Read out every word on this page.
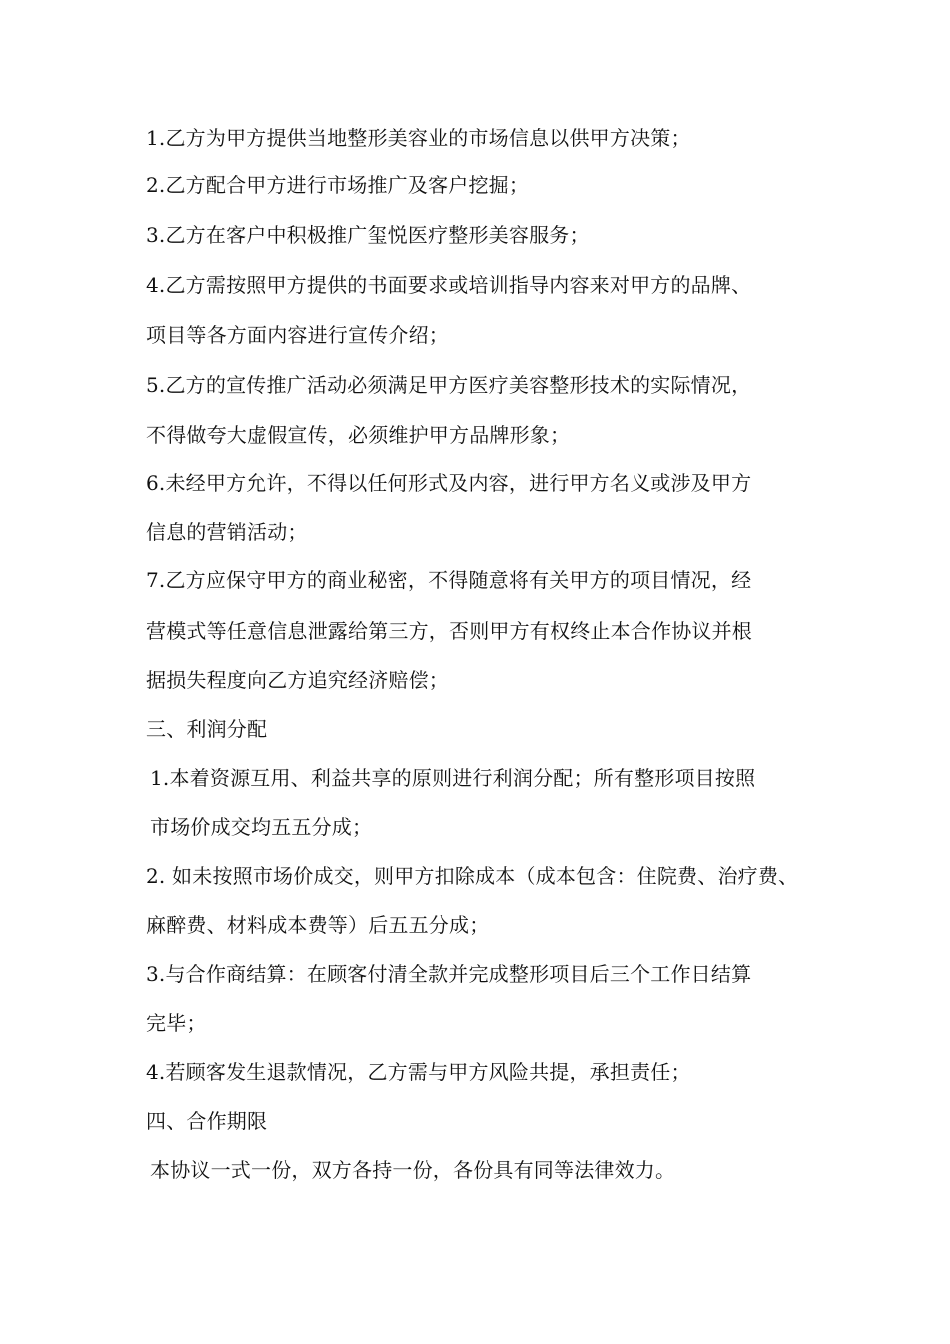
1.乙方为甲方提供当地整形美容业的市场信息以供甲方决策；
2.乙方配合甲方进行市场推广及客户挖掘；
3.乙方在客户中积极推广玺悦医疗整形美容服务；
4.乙方需按照甲方提供的书面要求或培训指导内容来对甲方的品牌、
项目等各方面内容进行宣传介绍；
5.乙方的宣传推广活动必须满足甲方医疗美容整形技术的实际情况，
不得做夸大虚假宣传，必须维护甲方品牌形象；
6.未经甲方允许，不得以任何形式及内容，进行甲方名义或涉及甲方
信息的营销活动；
7.乙方应保守甲方的商业秘密，不得随意将有关甲方的项目情况，经
营模式等任意信息泄露给第三方，否则甲方有权终止本合作协议并根
据损失程度向乙方追究经济赔偿；
三、利润分配
1.本着资源互用、利益共享的原则进行利润分配；所有整形项目按照
市场价成交均五五分成；
2. 如未按照市场价成交，则甲方扣除成本（成本包含：住院费、治疗费、
麻醉费、材料成本费等）后五五分成；
3.与合作商结算：在顾客付清全款并完成整形项目后三个工作日结算
完毕；
4.若顾客发生退款情况，乙方需与甲方风险共提，承担责任；
四、合作期限
本协议一式一份，双方各持一份，各份具有同等法律效力。
